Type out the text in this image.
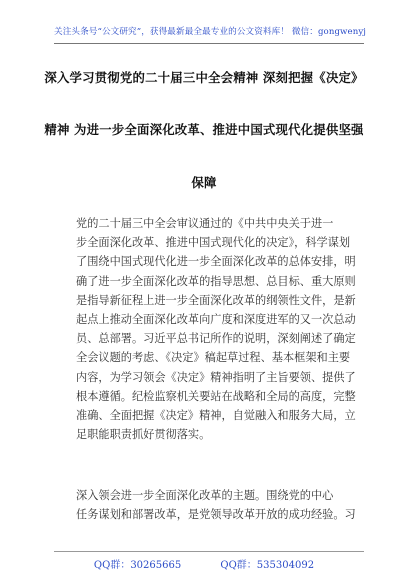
关注头条号“公文研究”，获得最新最全最专业的公文资料库！ 微信：gongwenyj
深入学习贯彻党的二十届三中全会精神 深刻把握《决定》
精神 为进一步全面深化改革、推进中国式现代化提供坚强
保障
党的二十届三中全会审议通过的《中共中央关于进一
步全面深化改革、推进中国式现代化的决定》，科学谋划
了围绕中国式现代化进一步全面深化改革的总体安排，明
确了进一步全面深化改革的指导思想、总目标、重大原则
是指导新征程上进一步全面深化改革的纲领性文件，是新
起点上推动全面深化改革向广度和深度进军的又一次总动
员、总部署。习近平总书记所作的说明，深刻阐述了确定
全会议题的考虑、《决定》稿起草过程、基本框架和主要
内容，为学习领会《决定》精神指明了主旨要领、提供了
根本遵循。纪检监察机关要站在战略和全局的高度，完整
准确、全面把握《决定》精神，自觉融入和服务大局，立
足职能职责抓好贯彻落实。
深入领会进一步全面深化改革的主题。围绕党的中心
任务谋划和部署改革，是党领导改革开放的成功经验。习
QQ群：30265665	QQ群：535304092
